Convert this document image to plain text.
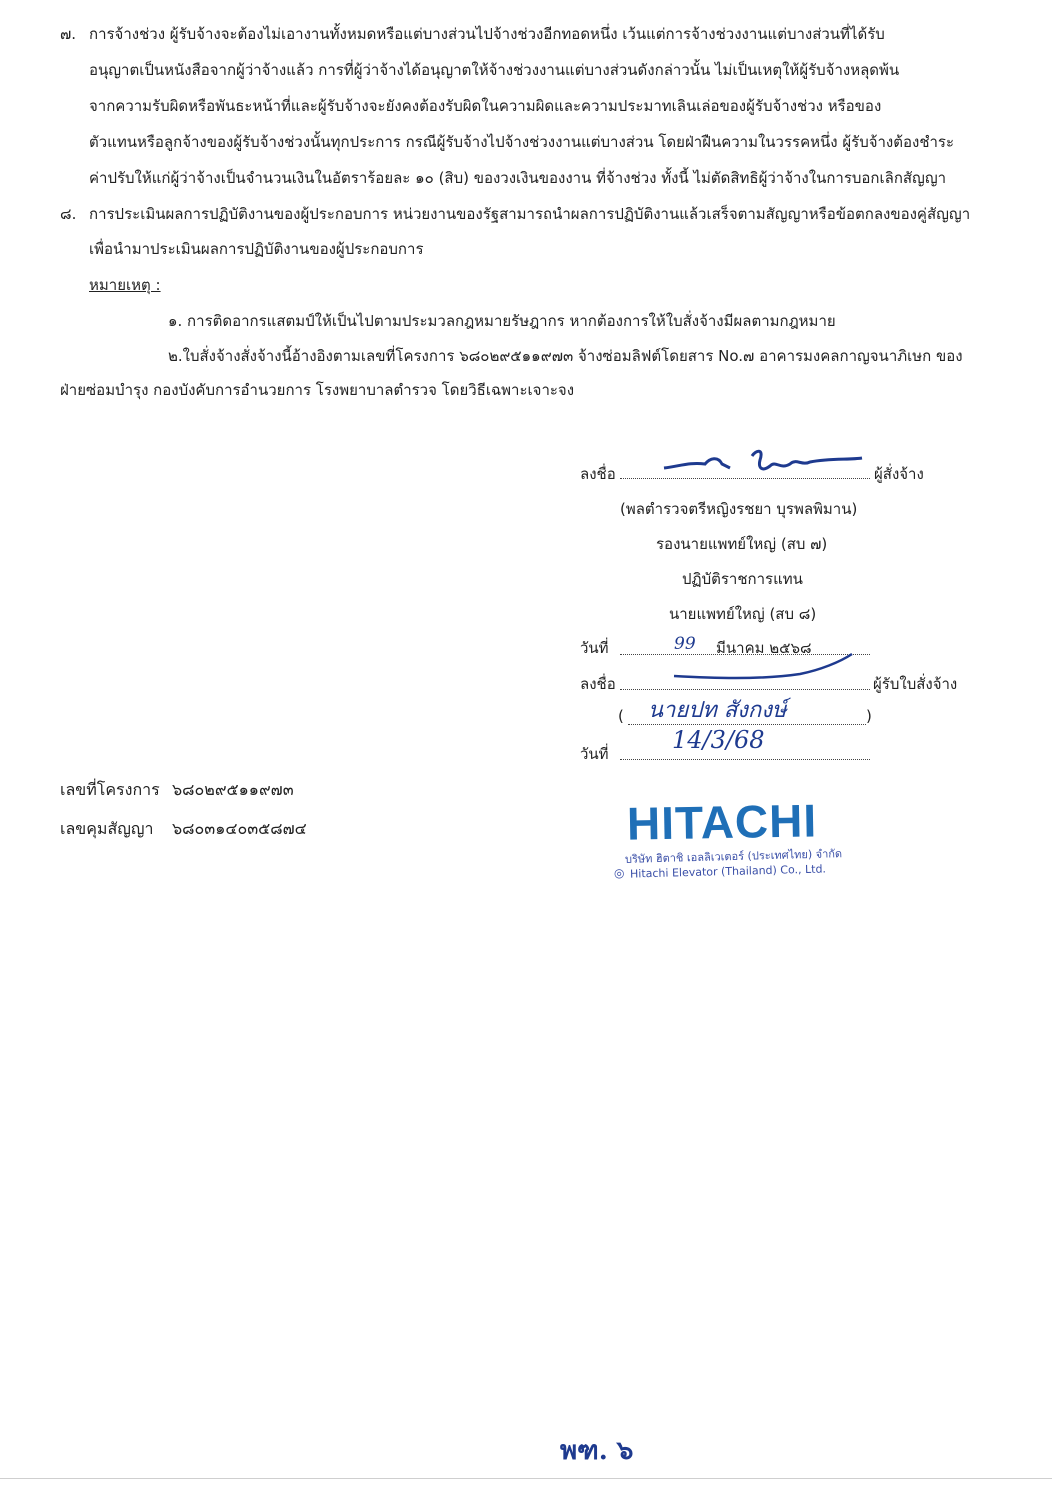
๗. การจ้างช่วง ผู้รับจ้างจะต้องไม่เอางานทั้งหมดหรือแต่บางส่วนไปจ้างช่วงอีกทอดหนึ่ง เว้นแต่การจ้างช่วงงานแต่บางส่วนที่ได้รับ
อนุญาตเป็นหนังสือจากผู้ว่าจ้างแล้ว การที่ผู้ว่าจ้างได้อนุญาตให้จ้างช่วงงานแต่บางส่วนดังกล่าวนั้น ไม่เป็นเหตุให้ผู้รับจ้างหลุดพ้น
จากความรับผิดหรือพันธะหน้าที่และผู้รับจ้างจะยังคงต้องรับผิดในความผิดและความประมาทเลินเล่อของผู้รับจ้างช่วง หรือของ
ตัวแทนหรือลูกจ้างของผู้รับจ้างช่วงนั้นทุกประการ กรณีผู้รับจ้างไปจ้างช่วงงานแต่บางส่วน โดยฝ่าฝืนความในวรรคหนึ่ง ผู้รับจ้างต้องชำระ
ค่าปรับให้แก่ผู้ว่าจ้างเป็นจำนวนเงินในอัตราร้อยละ ๑๐ (สิบ) ของวงเงินของงาน ที่จ้างช่วง ทั้งนี้ ไม่ตัดสิทธิผู้ว่าจ้างในการบอกเลิกสัญญา
๘. การประเมินผลการปฏิบัติงานของผู้ประกอบการ หน่วยงานของรัฐสามารถนำผลการปฏิบัติงานแล้วเสร็จตามสัญญาหรือข้อตกลงของคู่สัญญา
เพื่อนำมาประเมินผลการปฏิบัติงานของผู้ประกอบการ
หมายเหตุ :
๑. การติดอากรแสตมป์ให้เป็นไปตามประมวลกฎหมายรัษฎากร หากต้องการให้ใบสั่งจ้างมีผลตามกฎหมาย
๒.ใบสั่งจ้างสั่งจ้างนี้อ้างอิงตามเลขที่โครงการ ๖๘๐๒๙๕๑๑๙๗๓ จ้างซ่อมลิฟต์โดยสาร No.๗ อาคารมงคลกาญจนาภิเษก ของ
ฝ่ายซ่อมบำรุง กองบังคับการอำนวยการ โรงพยาบาลตำรวจ โดยวิธีเฉพาะเจาะจง
ลงชื่อ	ผู้สั่งจ้าง
(พลตำรวจตรีหญิงรชยา บุรพลพิมาน)
รองนายแพทย์ใหญ่ (สบ ๗)
ปฏิบัติราชการแทน
นายแพทย์ใหญ่ (สบ ๘)
วันที่	99 มีนาคม ๒๕๖๘
ลงชื่อ	ผู้รับใบสั่งจ้าง
( นายปท สังกงษ์	)
วันที่	14/3/68
เลขที่โครงการ ๖๘๐๒๙๕๑๑๙๗๓
เลขคุมสัญญา ๖๘๐๓๑๔๐๓๕๘๗๔	HITACHI
บริษัท ฮิตาชิ เอลลิเวเตอร์ (ประเทศไทย) จำกัด
◎ Hitachi Elevator (Thailand) Co., Ltd.
พฑ. ๖
